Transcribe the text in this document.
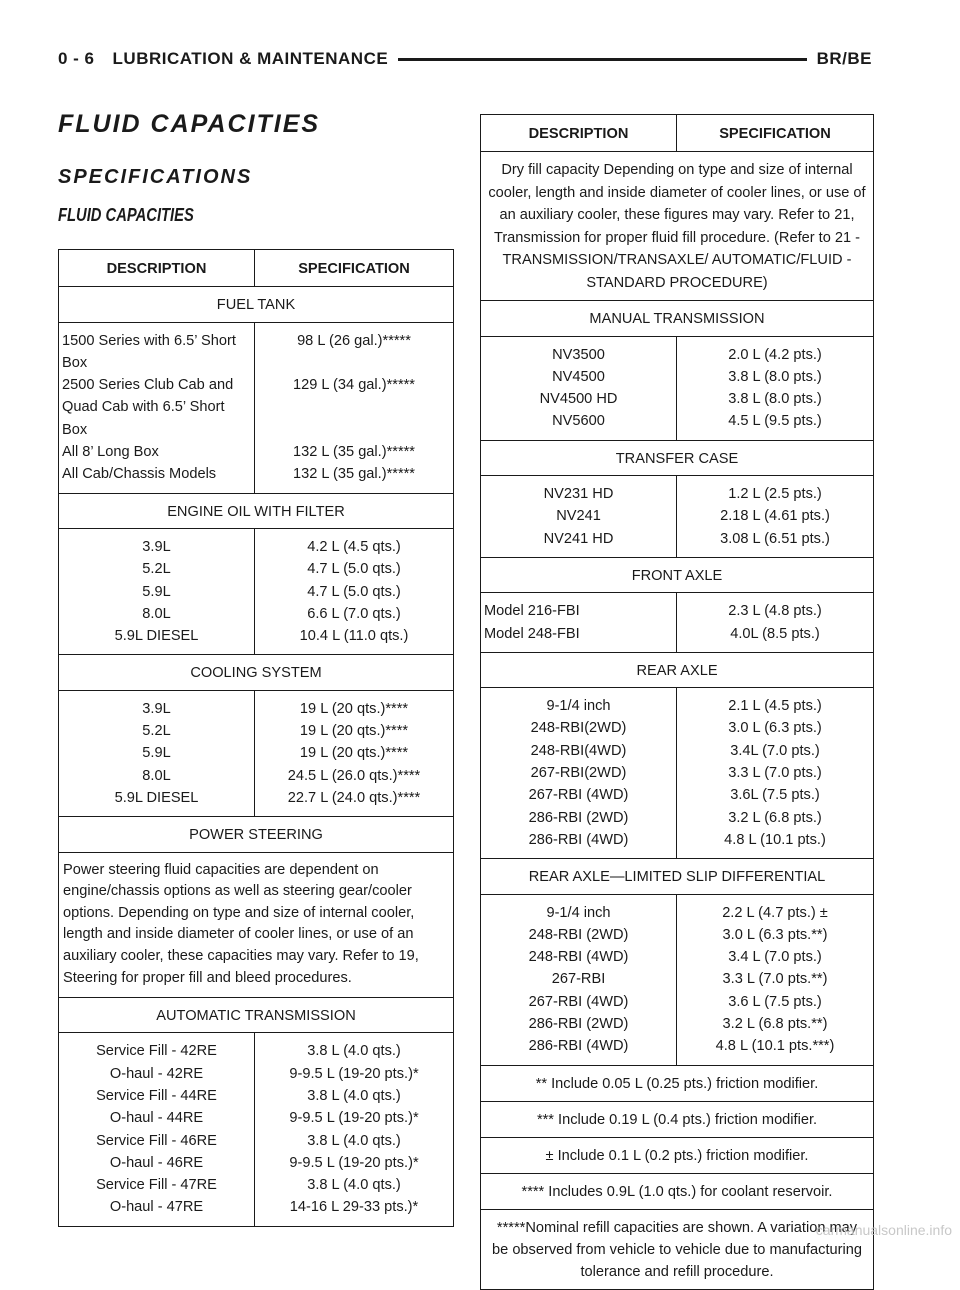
0 - 6 LUBRICATION & MAINTENANCE	BR/BE
FLUID CAPACITIES
SPECIFICATIONS
FLUID CAPACITIES
DESCRIPTION	SPECIFICATION
FUEL TANK	
1500 Series with 6.5’ Short Box	98 L (26 gal.)*****
2500 Series Club Cab and Quad Cab with 6.5’ Short Box	129 L (34 gal.)*****
All 8’ Long Box	132 L (35 gal.)*****
All Cab/Chassis Models	132 L (35 gal.)*****
ENGINE OIL WITH FILTER	
3.9L	4.2 L (4.5 qts.)
5.2L	4.7 L (5.0 qts.)
5.9L	4.7 L (5.0 qts.)
8.0L	6.6 L (7.0 qts.)
5.9L DIESEL	10.4 L (11.0 qts.)
COOLING SYSTEM	
3.9L	19 L (20 qts.)****
5.2L	19 L (20 qts.)****
5.9L	19 L (20 qts.)****
8.0L	24.5 L (26.0 qts.)****
5.9L DIESEL	22.7 L (24.0 qts.)****
POWER STEERING	
Power steering fluid capacities are dependent on engine/chassis options as well as steering gear/cooler options. Depending on type and size of internal cooler, length and inside diameter of cooler lines, or use of an auxiliary cooler, these capacities may vary. Refer to 19, Steering for proper fill and bleed procedures.	
AUTOMATIC TRANSMISSION	
Service Fill - 42RE	3.8 L (4.0 qts.)
O-haul - 42RE	9-9.5 L (19-20 pts.)*
Service Fill - 44RE	3.8 L (4.0 qts.)
O-haul - 44RE	9-9.5 L (19-20 pts.)*
Service Fill - 46RE	3.8 L (4.0 qts.)
O-haul - 46RE	9-9.5 L (19-20 pts.)*
Service Fill - 47RE	3.8 L (4.0 qts.)
O-haul - 47RE	14-16 L 29-33 pts.)*
DESCRIPTION	SPECIFICATION
Dry fill capacity Depending on type and size of internal cooler, length and inside diameter of cooler lines, or use of an auxiliary cooler, these figures may vary. Refer to 21, Transmission for proper fluid fill procedure. (Refer to 21 - TRANSMISSION/TRANSAXLE/ AUTOMATIC/FLUID - STANDARD PROCEDURE)	
MANUAL TRANSMISSION	
NV3500	2.0 L (4.2 pts.)
NV4500	3.8 L (8.0 pts.)
NV4500 HD	3.8 L (8.0 pts.)
NV5600	4.5 L (9.5 pts.)
TRANSFER CASE	
NV231 HD	1.2 L (2.5 pts.)
NV241	2.18 L (4.61 pts.)
NV241 HD	3.08 L (6.51 pts.)
FRONT AXLE	
Model 216-FBI	2.3 L (4.8 pts.)
Model 248-FBI	4.0L (8.5 pts.)
REAR AXLE	
9-1/4 inch	2.1 L (4.5 pts.)
248-RBI(2WD)	3.0 L (6.3 pts.)
248-RBI(4WD)	3.4L (7.0 pts.)
267-RBI(2WD)	3.3 L (7.0 pts.)
267-RBI (4WD)	3.6L (7.5 pts.)
286-RBI (2WD)	3.2 L (6.8 pts.)
286-RBI (4WD)	4.8 L (10.1 pts.)
REAR AXLE—LIMITED SLIP DIFFERENTIAL	
9-1/4 inch	2.2 L (4.7 pts.) ±
248-RBI (2WD)	3.0 L (6.3 pts.**)
248-RBI (4WD)	3.4 L (7.0 pts.)
267-RBI	3.3 L (7.0 pts.**)
267-RBI (4WD)	3.6 L (7.5 pts.)
286-RBI (2WD)	3.2 L (6.8 pts.**)
286-RBI (4WD)	4.8 L (10.1 pts.***)
** Include 0.05 L (0.25 pts.) friction modifier.	
*** Include 0.19 L (0.4 pts.) friction modifier.	
± Include 0.1 L (0.2 pts.) friction modifier.	
**** Includes 0.9L (1.0 qts.) for coolant reservoir.	
*****Nominal refill capacities are shown. A variation may be observed from vehicle to vehicle due to manufacturing tolerance and refill procedure.	
carmanualsonline.info
